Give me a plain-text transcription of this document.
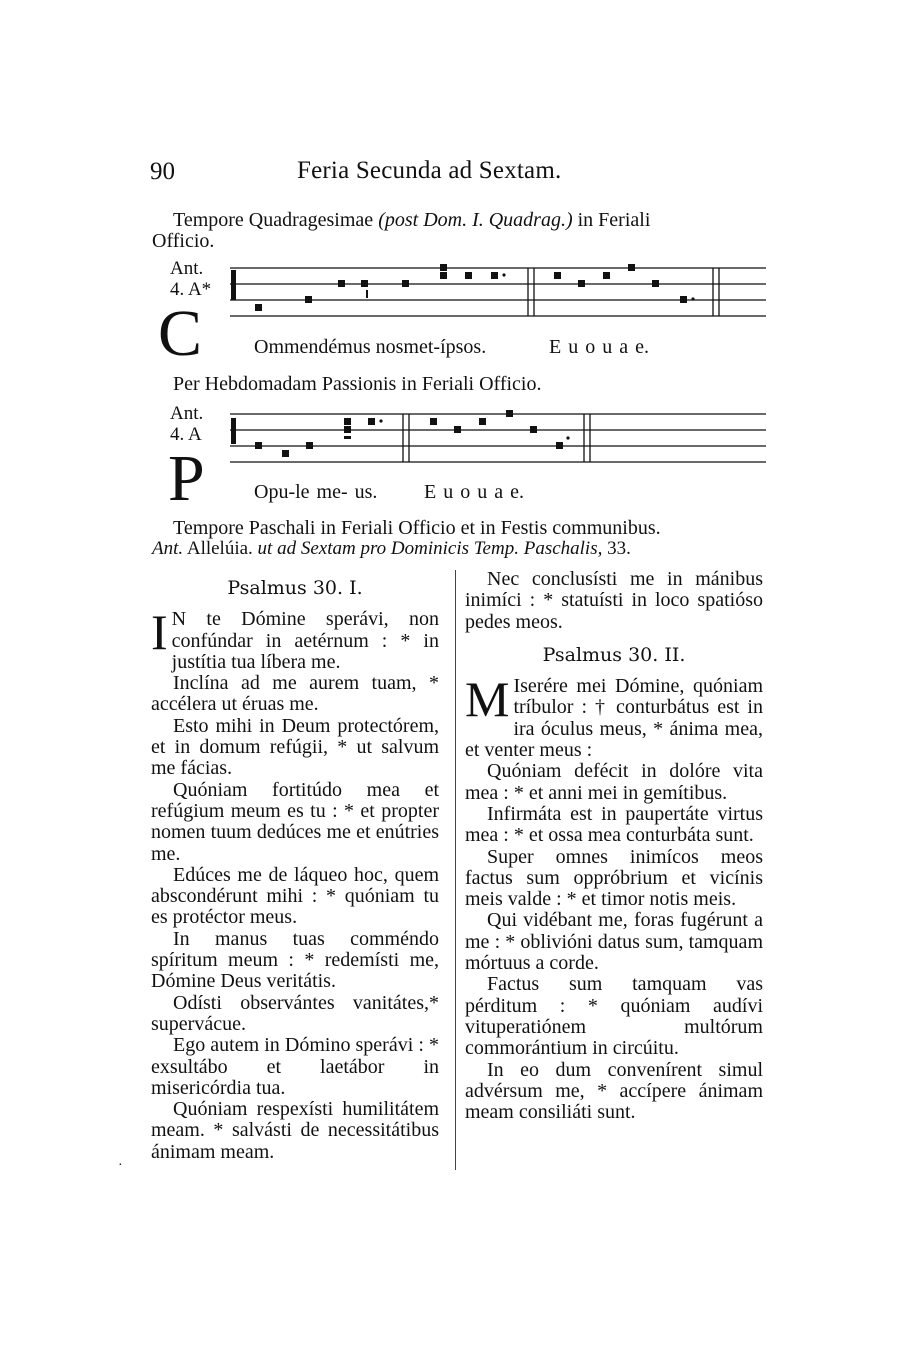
90	Feria Secunda ad Sextam.
Tempore Quadragesimae (post Dom. I. Quadrag.) in Feriali
Officio.
Ant.
4. A*
C	Ommendémus nosmet-ípsos.	E u o u a e.
Per Hebdomadam Passionis in Feriali Officio.
Ant.
4. A
P Opu-le me- us. E u o u a e.
Tempore Paschali in Feriali Officio et in Festis communibus.
Ant. Allelúia. ut ad Sextam pro Dominicis Temp. Paschalis, 33.
Psalmus 30. I.

I N te Dómine sperávi, non confúndar in aetérnum : * in justítia tua líbera me.

Inclína ad me aurem tuam, * accélera ut éruas me.

Esto mihi in Deum protectórem, et in domum refúgii, * ut salvum me fácias.

Quóniam fortitúdo mea et refúgium meum es tu : * et propter nomen tuum dedúces me et enútries me.

Edúces me de láqueo hoc, quem abscondérunt mihi : * quóniam tu es protéctor meus.

In manus tuas comméndo spíritum meum : * redemísti me, Dómine Deus veritátis.

Odísti observántes vanitátes,* supervácue.

Ego autem in Dómino sperávi : * exsultábo et laetábor in misericórdia tua.

Quóniam respexísti humilitátem meam. * salvásti de necessitátibus ánimam meam.

Nec conclusísti me in mánibus inimíci : * statuísti in loco spatióso pedes meos.

Psalmus 30. II.

M Iserére mei Dómine, quóniam tríbulor : † conturbátus est in ira óculus meus, * ánima mea, et venter meus :

Quóniam defécit in dolóre vita mea : * et anni mei in gemítibus.

Infirmáta est in paupertáte virtus mea : * et ossa mea conturbáta sunt.

Super omnes inimícos meos factus sum oppróbrium et vicínis meis valde : * et timor notis meis.

Qui vidébant me, foras fugérunt a me : * oblivióni datus sum, tamquam mórtuus a corde.

Factus sum tamquam vas pérditum : * quóniam audívi vituperatiónem multórum commorántium in circúitu.

In eo dum convenírent simul advérsum me, * accípere ánimam meam consiliáti sunt.

·
